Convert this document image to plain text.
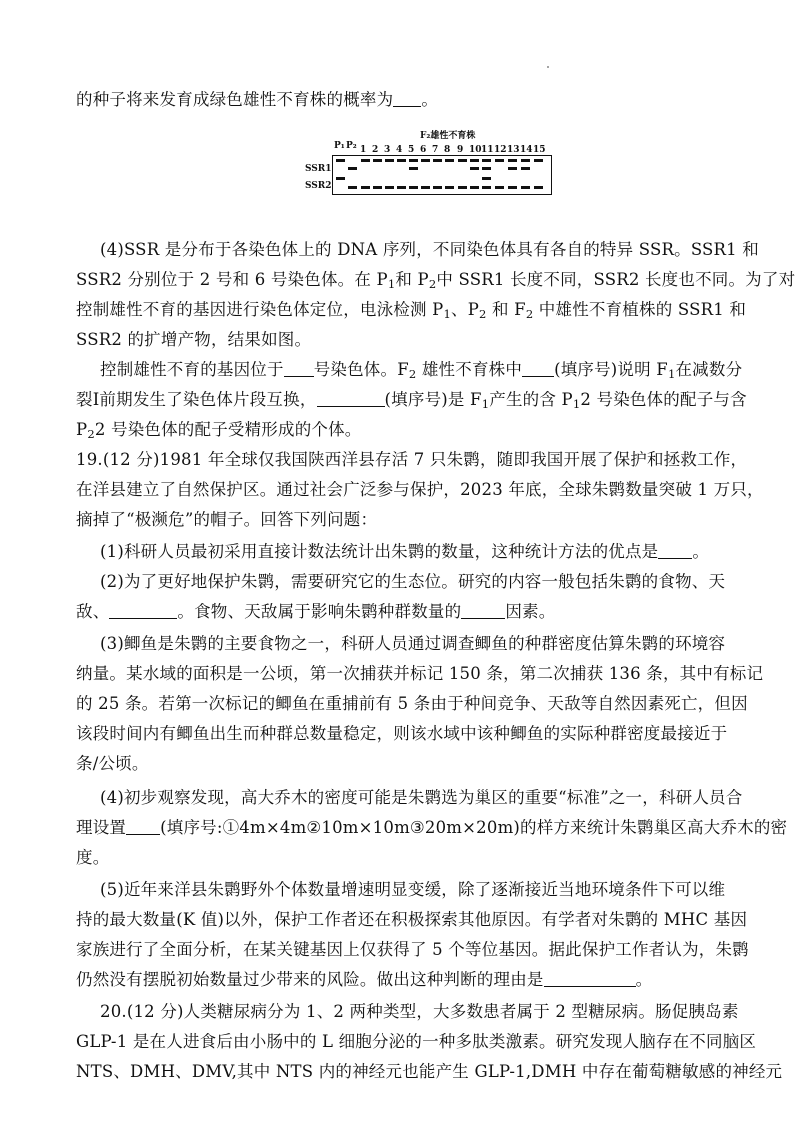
的种子将来发育成绿色雄性不育株的概率为 。
F₂雄性不育株
P₁ P₂ 1 2 3 4 5 6 7 8 9 10 11 12 13 14 15
SSR1
SSR2
(4)SSR 是分布于各染色体上的 DNA 序列，不同染色体具有各自的特异 SSR。SSR1 和
SSR2 分别位于 2 号和 6 号染色体。在 $P_1$和 $P_2$中 SSR1 长度不同，SSR2 长度也不同。为了对
控制雄性不育的基因进行染色体定位，电泳检测 $P_1$、$P_2$ 和 $F_2$ 中雄性不育植株的 SSR1 和
SSR2 的扩增产物，结果如图。
控制雄性不育的基因位于 号染色体。$F_2$ 雄性不育株中 (填序号)说明 $F_1$在减数分
裂Ⅰ前期发生了染色体片段互换，	(填序号)是 $F_1$产生的含 $P_12$ 号染色体的配子与含
$P_22$ 号染色体的配子受精形成的个体。
19.(12 分)1981 年全球仅我国陕西洋县存活 7 只朱鹮，随即我国开展了保护和拯救工作，
在洋县建立了自然保护区。通过社会广泛参与保护，2023 年底，全球朱鹮数量突破 1 万只，
摘掉了“极濒危”的帽子。回答下列问题：
(1)科研人员最初采用直接计数法统计出朱鹮的数量，这种统计方法的优点是 。
(2)为了更好地保护朱鹮，需要研究它的生态位。研究的内容一般包括朱鹮的食物、天
敌、	。食物、天敌属于影响朱鹮种群数量的	因素。
(3)鲫鱼是朱鹮的主要食物之一，科研人员通过调查鲫鱼的种群密度估算朱鹮的环境容
纳量。某水域的面积是一公顷，第一次捕获并标记 150 条，第二次捕获 136 条，其中有标记
的 25 条。若第一次标记的鲫鱼在重捕前有 5 条由于种间竞争、天敌等自然因素死亡，但因
该段时间内有鲫鱼出生而种群总数量稳定，则该水域中该种鲫鱼的实际种群密度最接近于
条/公顷。
(4)初步观察发现，高大乔木的密度可能是朱鹮选为巢区的重要“标准”之一，科研人员合
理设置 (填序号:①4m×4m②10m×10m③20m×20m)的样方来统计朱鹮巢区高大乔木的密
度。
(5)近年来洋县朱鹮野外个体数量增速明显变缓，除了逐渐接近当地环境条件下可以维
持的最大数量(K 值)以外，保护工作者还在积极探索其他原因。有学者对朱鹮的 MHC 基因
家族进行了全面分析，在某关键基因上仅获得了 5 个等位基因。据此保护工作者认为，朱鹮
仍然没有摆脱初始数量过少带来的风险。做出这种判断的理由是	。
20.(12 分)人类糖尿病分为 1、2 两种类型，大多数患者属于 2 型糖尿病。肠促胰岛素
GLP-1 是在人进食后由小肠中的 L 细胞分泌的一种多肽类激素。研究发现人脑存在不同脑区
NTS、DMH、DMV,其中 NTS 内的神经元也能产生 GLP-1,DMH 中存在葡萄糖敏感的神经元
